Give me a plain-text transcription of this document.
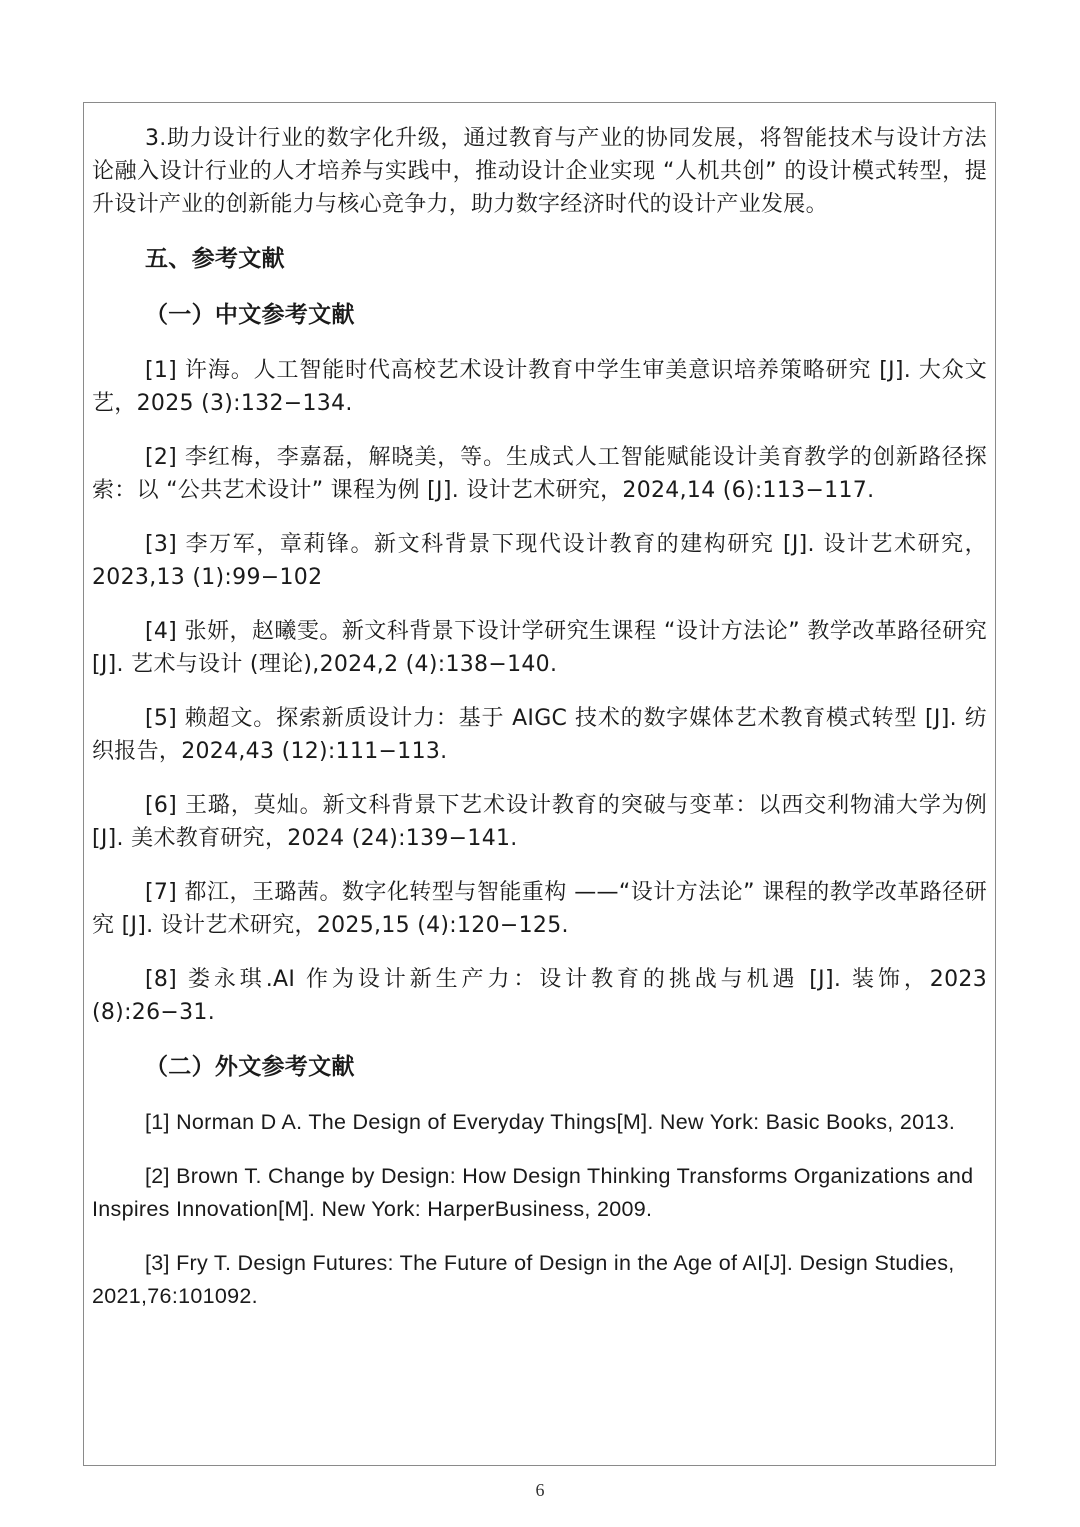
3.助力设计行业的数字化升级，通过教育与产业的协同发展，将智能技术与设计方法论融入设计行业的人才培养与实践中，推动设计企业实现 “人机共创” 的设计模式转型，提升设计产业的创新能力与核心竞争力，助力数字经济时代的设计产业发展。

五、参考文献
（一）中文参考文献

[1] 许海。人工智能时代高校艺术设计教育中学生审美意识培养策略研究 [J]. 大众文艺，2025 (3):132−134.

[2] 李红梅，李嘉磊，解晓美，等。生成式人工智能赋能设计美育教学的创新路径探索：以 “公共艺术设计” 课程为例 [J]. 设计艺术研究，2024,14 (6):113−117.

[3] 李万军，章莉锋。新文科背景下现代设计教育的建构研究 [J]. 设计艺术研究，2023,13 (1):99−102

[4] 张妍，赵曦雯。新文科背景下设计学研究生课程 “设计方法论” 教学改革路径研究 [J]. 艺术与设计 (理论),2024,2 (4):138−140.

[5] 赖超文。探索新质设计力：基于 AIGC 技术的数字媒体艺术教育模式转型 [J]. 纺织报告，2024,43 (12):111−113.

[6] 王璐，莫灿。新文科背景下艺术设计教育的突破与变革：以西交利物浦大学为例 [J]. 美术教育研究，2024 (24):139−141.

[7] 都江，王璐茜。数字化转型与智能重构 ——“设计方法论” 课程的教学改革路径研究 [J]. 设计艺术研究，2025,15 (4):120−125.

[8] 娄永琪.AI 作为设计新生产力：设计教育的挑战与机遇 [J]. 装饰，2023 (8):26−31.

（二）外文参考文献

[1] Norman D A. The Design of Everyday Things[M]. New York: Basic Books, 2013.

[2] Brown T. Change by Design: How Design Thinking Transforms Organizations and Inspires Innovation[M]. New York: HarperBusiness, 2009.

[3] Fry T. Design Futures: The Future of Design in the Age of AI[J]. Design Studies, 2021,76:101092.

6
